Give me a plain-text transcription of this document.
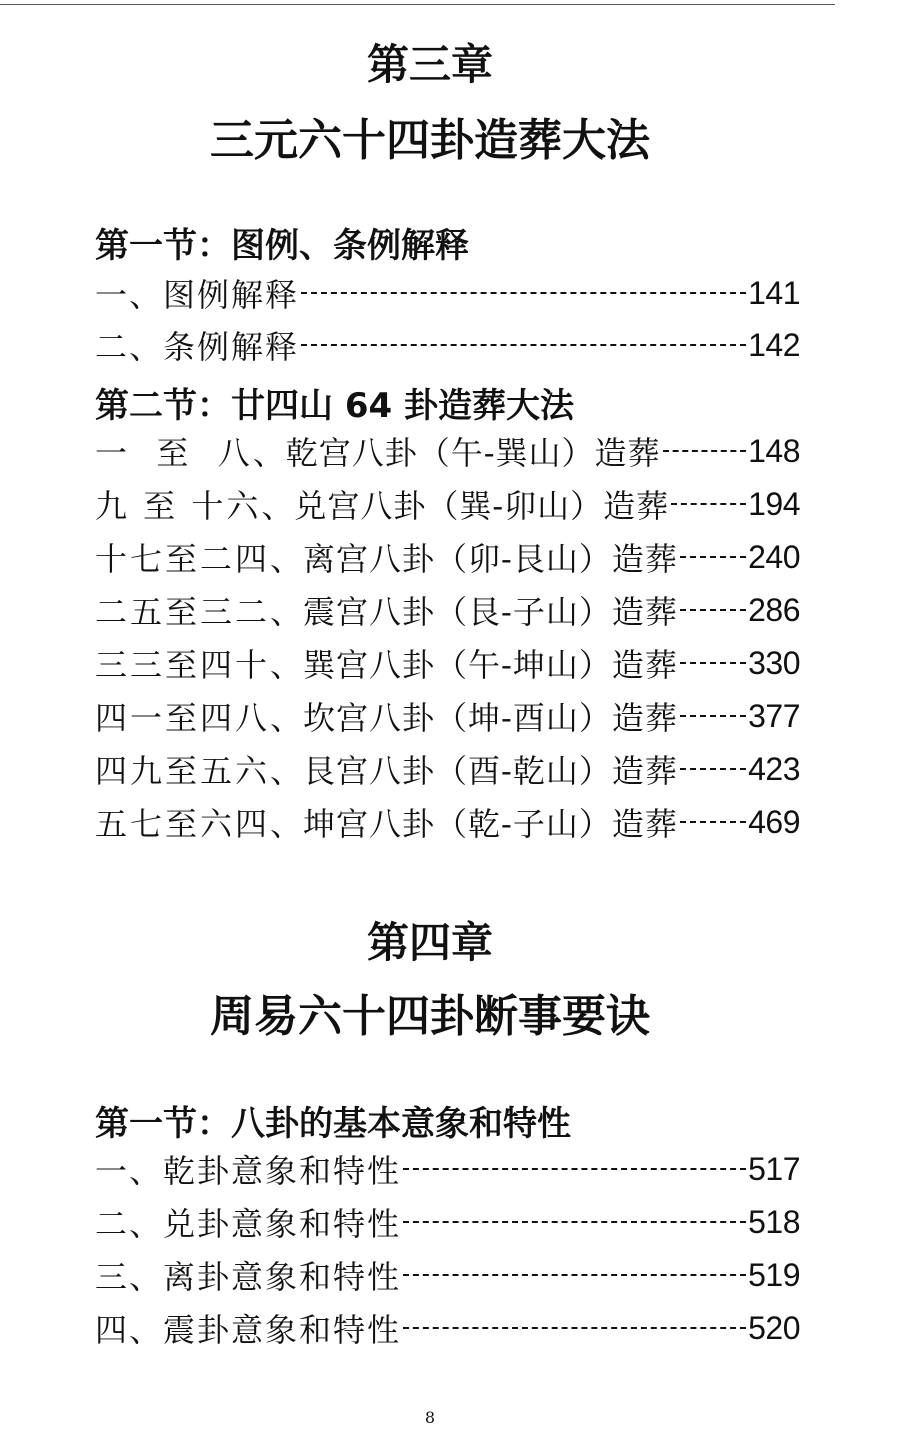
第三章
三元六十四卦造葬大法
第一节：图例、条例解释
一、图例解释	141
二、条例解释	142
第二节：廿四山 64 卦造葬大法
一  至  八 、乾宫八卦（午-巽山）造葬	148
九 至 十六 、兑宫八卦（巽-卯山）造葬 194
十七至二四 、离宫八卦（卯-艮山）造葬 240
二五至三二 、震宫八卦（艮-子山）造葬 286
三三至四十 、巽宫八卦（午-坤山）造葬 330
四一至四八 、坎宫八卦（坤-酉山）造葬 377
四九至五六 、艮宫八卦（酉-乾山）造葬 423
五七至六四 、坤宫八卦（乾-子山）造葬 469
第四章
周易六十四卦断事要诀
第一节：八卦的基本意象和特性
一、乾卦意象和特性	517
二、兑卦意象和特性	518
三、离卦意象和特性	519
四、震卦意象和特性	520
8
